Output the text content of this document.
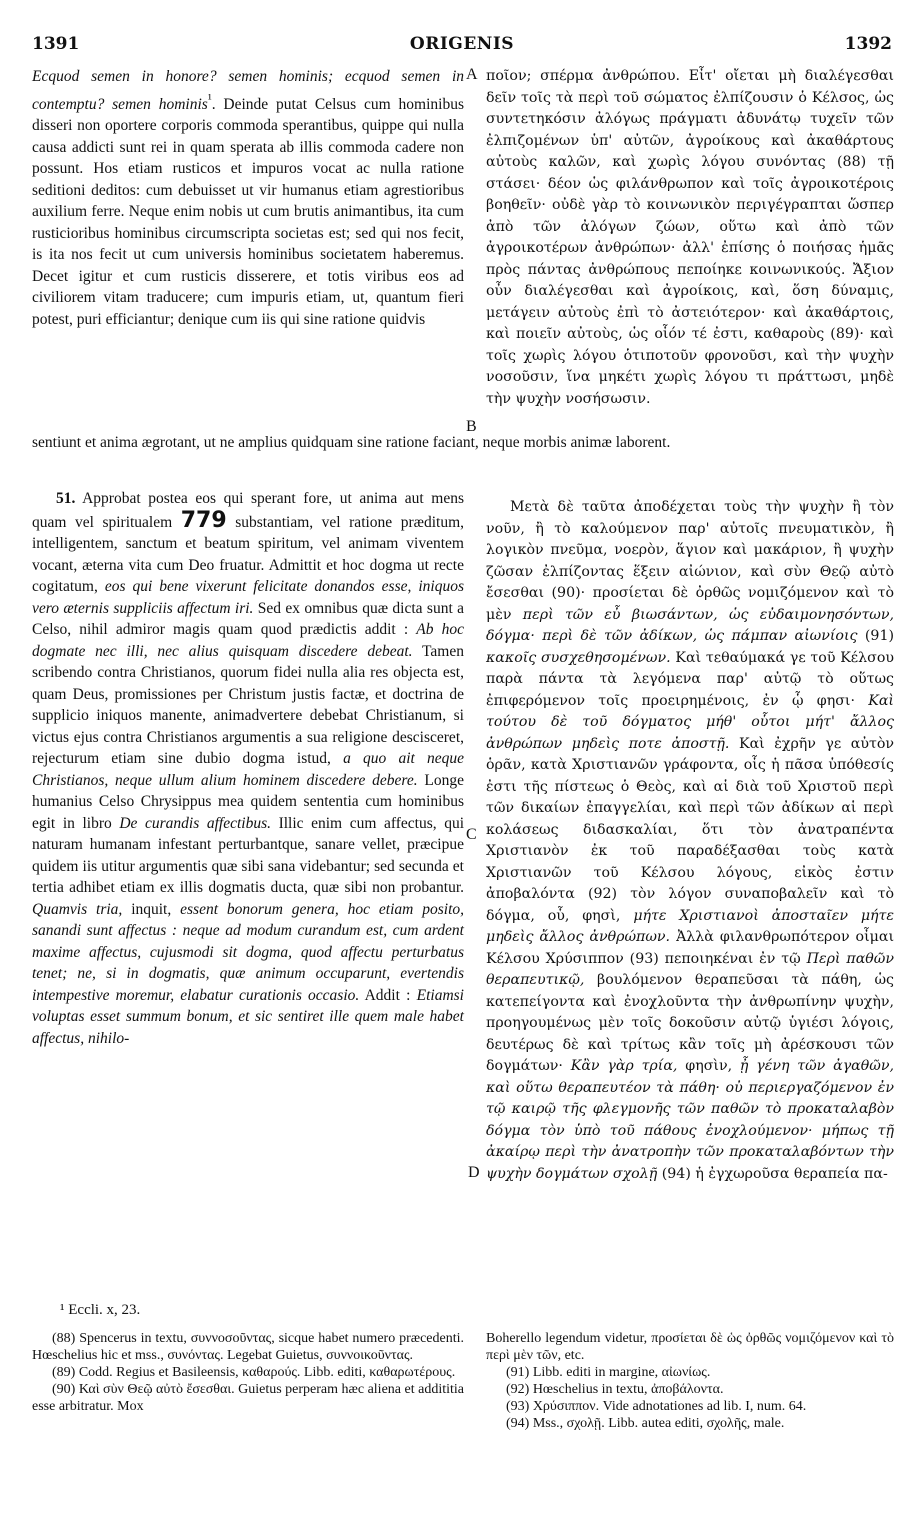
1391	ORIGENIS	1392

Ecquod semen in honore? semen hominis; ecquod semen in contemptu? semen hominis$^{^1}$. Deinde putat Celsus cum hominibus disseri non oportere corporis commoda sperantibus, quippe qui nulla causa addicti sunt rei in quam sperata ab illis commoda cadere non possunt. Hos etiam rusticos et impuros vocat ac nulla ratione seditioni deditos: cum debuisset ut vir humanus etiam agrestioribus auxilium ferre. Neque enim nobis ut cum brutis animantibus, ita cum rusticioribus hominibus circumscripta societas est; sed qui nos fecit, is ita nos fecit ut cum universis hominibus societatem haberemus. Decet igitur et cum rusticis disserere, et totis viribus eos ad civiliorem vitam traducere; cum impuris etiam, ut, quantum fieri potest, puri efficiantur; denique cum iis qui sine ratione quidvis

A ποῖον; σπέρμα ἀνθρώπου. Εἶτ' οἴεται μὴ διαλέγεσθαι δεῖν τοῖς τὰ περὶ τοῦ σώματος ἐλπίζουσιν ὁ Κέλσος, ὡς συντετηκόσιν ἀλόγως πράγματι ἀδυνάτῳ τυχεῖν τῶν ἐλπιζομένων ὑπ' αὐτῶν, ἀγροίκους καὶ ἀκαθάρτους αὐτοὺς καλῶν, καὶ χωρὶς λόγου συνόντας (88) τῇ στάσει· δέον ὡς φιλάνθρωπον καὶ τοῖς ἀγροικοτέροις βοηθεῖν· οὐδὲ γὰρ τὸ κοινωνικὸν περιγέγραπται ὥσπερ ἀπὸ τῶν ἀλόγων ζώων, οὕτω καὶ ἀπὸ τῶν ἀγροικοτέρων ἀνθρώπων· ἀλλ' ἐπίσης ὁ ποιήσας ἡμᾶς πρὸς πάντας ἀνθρώπους πεποίηκε κοινωνικούς. Ἄξιον οὖν διαλέγεσθαι καὶ ἀγροίκοις, καὶ, ὅση δύναμις, μετάγειν αὐτοὺς ἐπὶ τὸ ἀστειότερον· καὶ ἀκαθάρτοις, καὶ ποιεῖν αὐτοὺς, ὡς οἷόν τέ ἐστι, καθαροὺς (89)· καὶ τοῖς χωρὶς λόγου ὁτιποτοῦν φρονοῦσι, καὶ τὴν ψυχὴν νοσοῦσιν, ἵνα μηκέτι χωρὶς λόγου τι πράττωσι, μηδὲ τὴν ψυχὴν νοσήσωσιν.

B

sentiunt et anima ægrotant, ut ne amplius quidquam sine ratione faciant, neque morbis animæ laborent.

51. Approbat postea eos qui sperant fore, ut anima aut mens quam vel spiritualem 779 substantiam, vel ratione præditum, intelligentem, sanctum et beatum spiritum, vel animam viventem vocant, æterna vita cum Deo fruatur. Admittit et hoc dogma ut recte cogitatum, eos qui bene vixerunt felicitate donandos esse, iniquos vero æternis suppliciis affectum iri. Sed ex omnibus quæ dicta sunt a Celso, nihil admiror magis quam quod prædictis addit : Ab hoc dogmate nec illi, nec alius quisquam discedere debeat. Tamen scribendo contra Christianos, quorum fidei nulla alia res objecta est, quam Deus, promissiones per Christum justis factæ, et doctrina de supplicio iniquos manente, animadvertere debebat Christianum, si victus ejus contra Christianos argumentis a sua religione descisceret, rejecturum etiam sine dubio dogma istud, a quo ait neque Christianos, neque ullum alium hominem discedere debere. Longe humanius Celso Chrysippus mea quidem sententia cum hominibus egit in libro De curandis affectibus. Illic enim cum affectus, qui naturam humanam infestant perturbantque, sanare vellet, præcipue quidem iis utitur argumentis quæ sibi sana videbantur; sed secunda et tertia adhibet etiam ex illis dogmatis ducta, quæ sibi non probantur. Quamvis tria, inquit, essent bonorum genera, hoc etiam posito, sanandi sunt affectus : neque ad modum curandum est, cum ardent maxime affectus, cujusmodi sit dogma, quod affectu perturbatus tenet; ne, si in dogmatis, quæ animum occuparunt, evertendis intempestive moremur, elabatur curationis occasio. Addit : Etiamsi voluptas esset summum bonum, et sic sentiret ille quem male habet affectus, nihilo-

C
D

Μετὰ δὲ ταῦτα ἀποδέχεται τοὺς τὴν ψυχὴν ἢ τὸν νοῦν, ἢ τὸ καλούμενον παρ' αὐτοῖς πνευματικὸν, ἢ λογικὸν πνεῦμα, νοερὸν, ἅγιον καὶ μακάριον, ἢ ψυχὴν ζῶσαν ἐλπίζοντας ἕξειν αἰώνιον, καὶ σὺν Θεῷ αὐτὸ ἔσεσθαι (90)· προσίεται δὲ ὀρθῶς νομιζόμενον καὶ τὸ μὲν περὶ τῶν εὖ βιωσάντων, ὡς εὐδαιμονησόντων, δόγμα· περὶ δὲ τῶν ἀδίκων, ὡς πάμπαν αἰωνίοις (91) κακοῖς συσχεθησομένων. Καὶ τεθαύμακά γε τοῦ Κέλσου παρὰ πάντα τὰ λεγόμενα παρ' αὐτῷ τὸ οὕτως ἐπιφερόμενον τοῖς προειρημένοις, ἐν ᾧ φησι· Καὶ τούτου δὲ τοῦ δόγματος μήθ' οὗτοι μήτ' ἄλλος ἀνθρώπων μηδεὶς ποτε ἀποστῇ. Καὶ ἐχρῆν γε αὐτὸν ὁρᾶν, κατὰ Χριστιανῶν γράφοντα, οἷς ἡ πᾶσα ὑπόθεσίς ἐστι τῆς πίστεως ὁ Θεὸς, καὶ αἱ διὰ τοῦ Χριστοῦ περὶ τῶν δικαίων ἐπαγγελίαι, καὶ περὶ τῶν ἀδίκων αἱ περὶ κολάσεως διδασκαλίαι, ὅτι τὸν ἀνατραπέντα Χριστιανὸν ἐκ τοῦ παραδέξασθαι τοὺς κατὰ Χριστιανῶν τοῦ Κέλσου λόγους, εἰκὸς ἐστιν ἀποβαλόντα (92) τὸν λόγον συναποβαλεῖν καὶ τὸ δόγμα, οὗ, φησὶ, μήτε Χριστιανοὶ ἀποσταῖεν μήτε μηδεὶς ἄλλος ἀνθρώπων. Ἀλλὰ φιλανθρωπότερον οἶμαι Κέλσου Χρύσιππον (93) πεποιηκέναι ἐν τῷ Περὶ παθῶν θεραπευτικῷ, βουλόμενον θεραπεῦσαι τὰ πάθη, ὡς κατεπείγοντα καὶ ἐνοχλοῦντα τὴν ἀνθρωπίνην ψυχὴν, προηγουμένως μὲν τοῖς δοκοῦσιν αὐτῷ ὑγιέσι λόγοις, δευτέρως δὲ καὶ τρίτως κἂν τοῖς μὴ ἀρέσκουσι τῶν δογμάτων· Κἂν γὰρ τρία, φησὶν, ᾖ γένη τῶν ἀγαθῶν, καὶ οὕτω θεραπευτέον τὰ πάθη· οὐ περιεργαζόμενον ἐν τῷ καιρῷ τῆς φλεγμονῆς τῶν παθῶν τὸ προκαταλαβὸν δόγμα τὸν ὑπὸ τοῦ πάθους ἐνοχλούμενον· μήπως τῇ ἀκαίρῳ περὶ τὴν ἀνατροπὴν τῶν προκαταλαβόντων τὴν ψυχὴν δογμάτων σχολῇ (94) ἡ ἐγχωροῦσα θεραπεία πα-

¹ Eccli. x, 23.

(88) Spencerus in textu, συννοσοῦντας, sicque habet numero præcedenti. Hœschelius hic et mss., συνόντας. Legebat Guietus, συννοικοῦντας.

(89) Codd. Regius et Basileensis, καθαρούς. Libb. editi, καθαρωτέρους.

(90) Καὶ σὺν Θεῷ αὐτὸ ἔσεσθαι. Guietus perperam hæc aliena et addititia esse arbitratur. Mox

Boherello legendum videtur, προσίεται δὲ ὡς ὀρθῶς νομιζόμενον καὶ τὸ περὶ μὲν τῶν, etc.

(91) Libb. editi in margine, αἰωνίως.

(92) Hœschelius in textu, ἀποβάλοντα.

(93) Χρύσιππον. Vide adnotationes ad lib. I, num. 64.

(94) Mss., σχολῇ. Libb. autea editi, σχολῆς, male.
